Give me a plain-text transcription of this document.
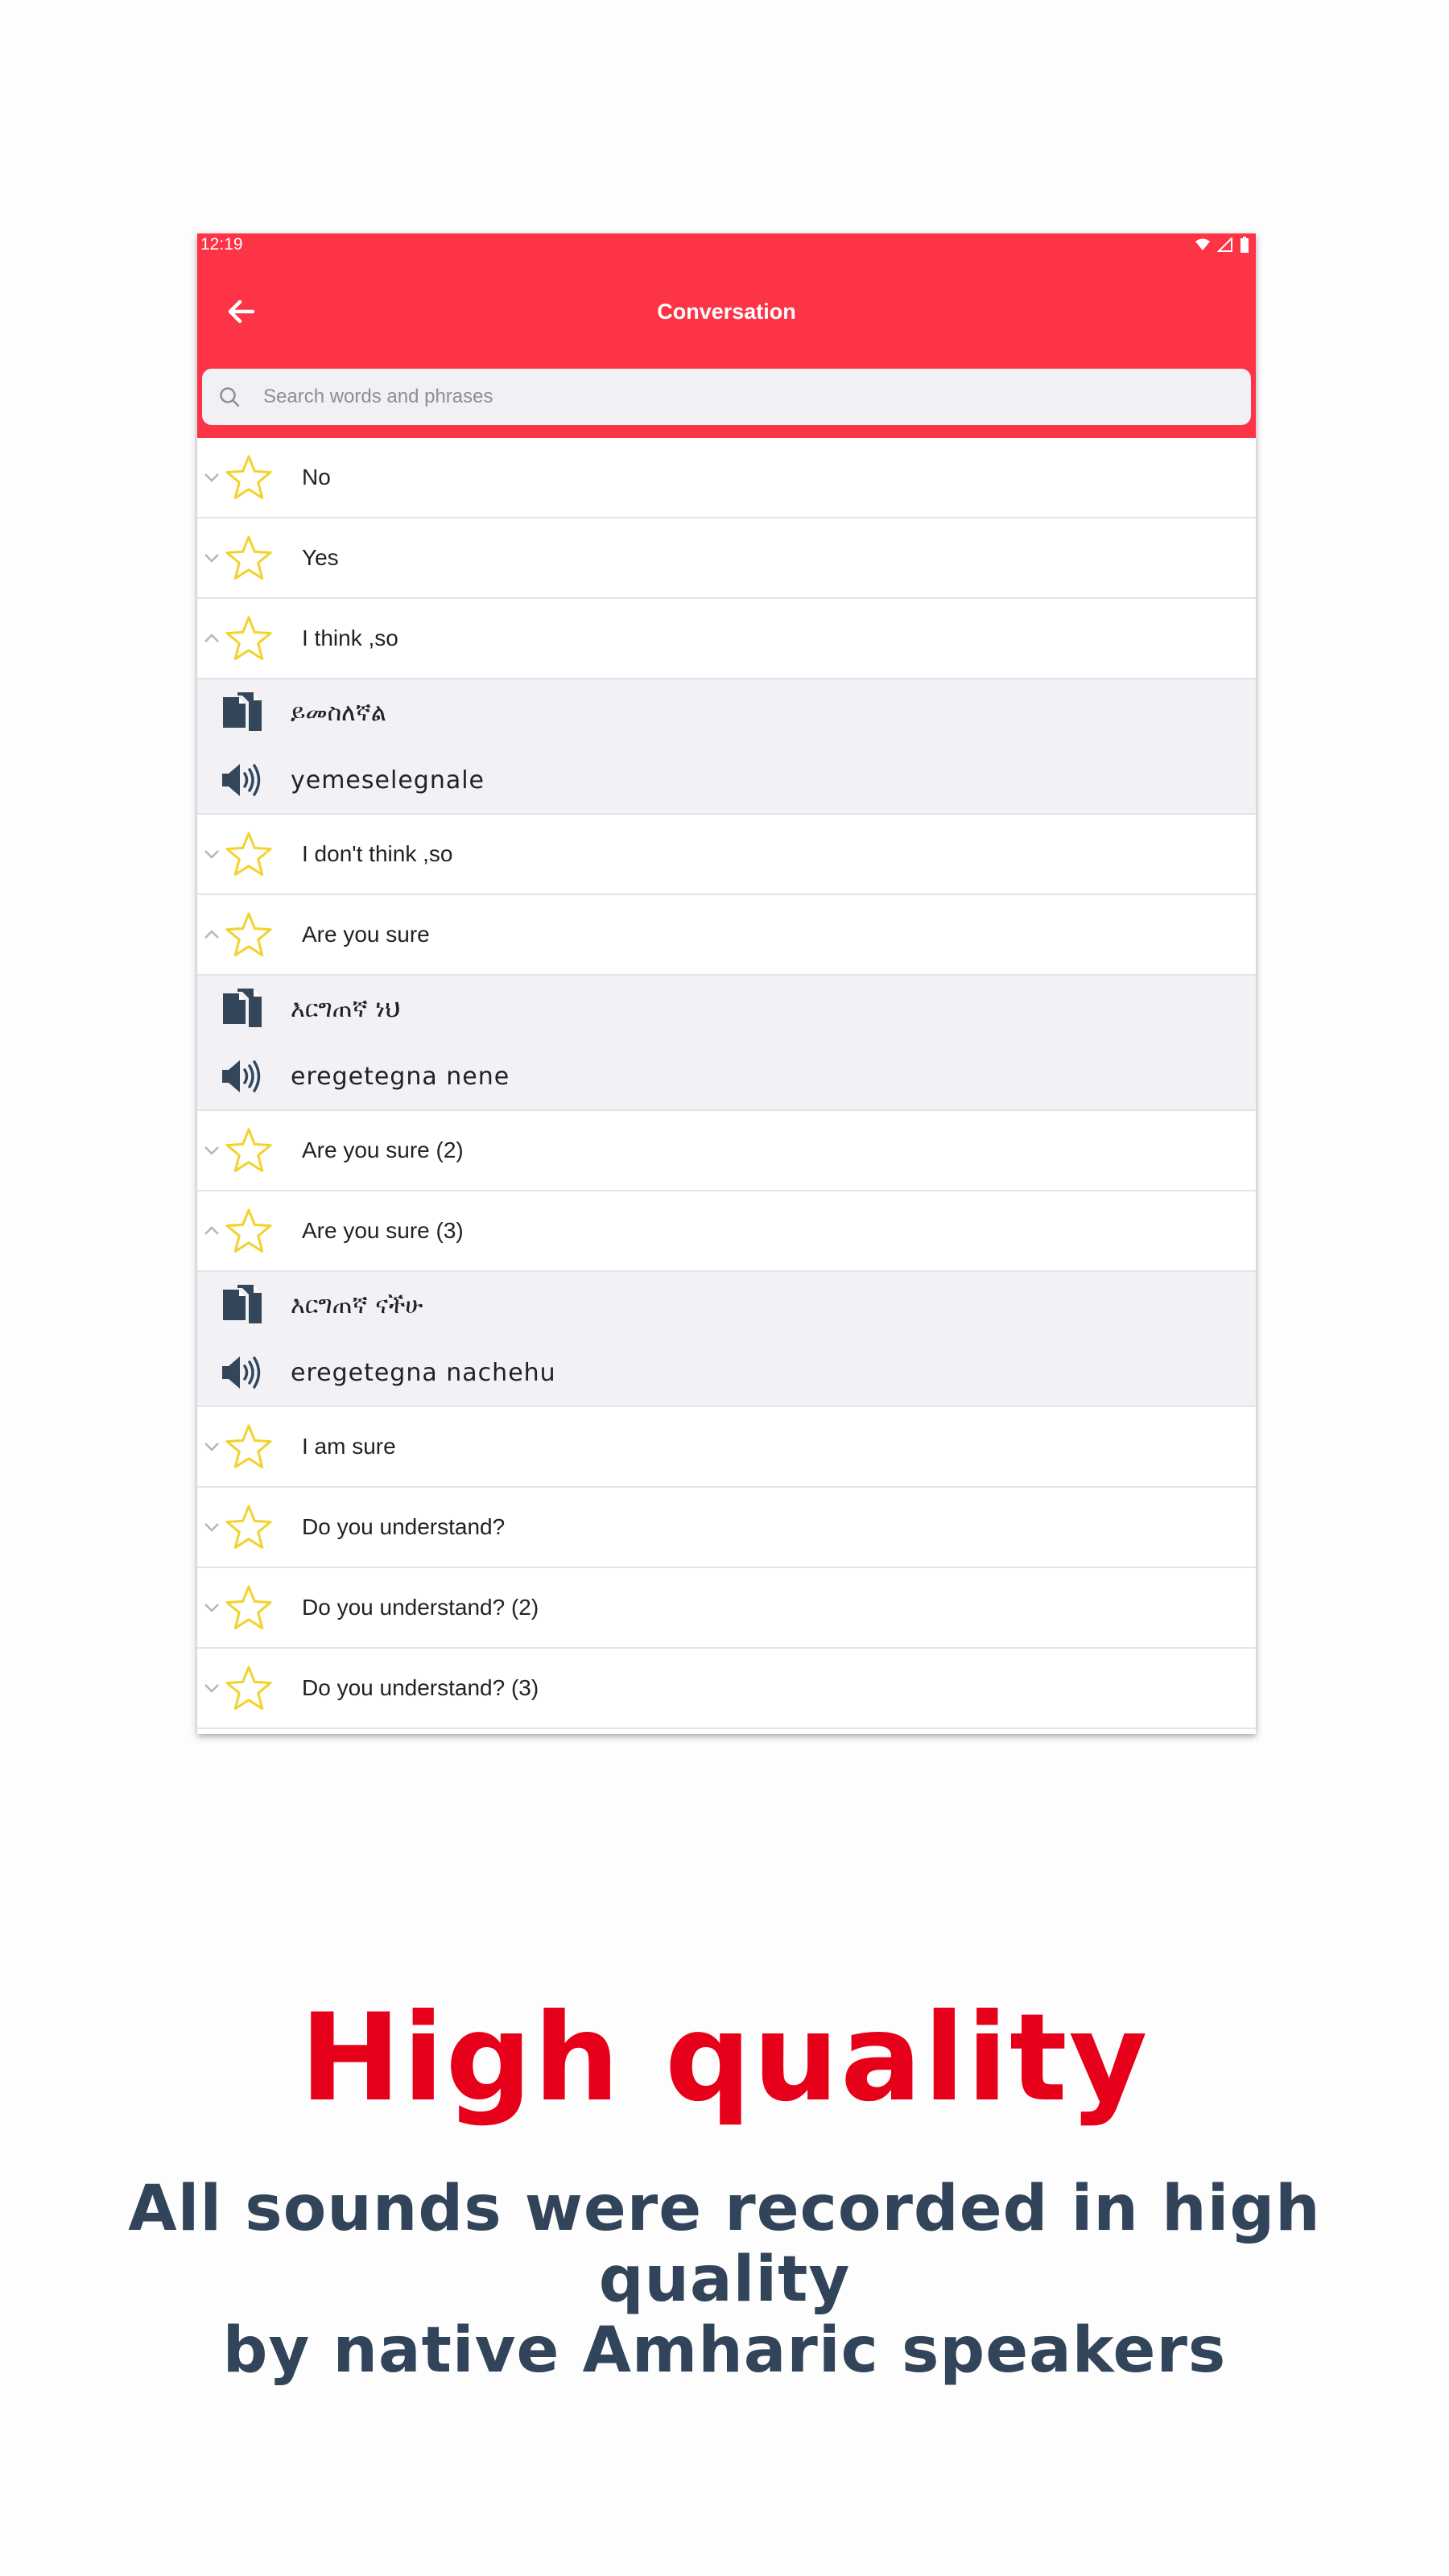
12:19
Conversation
Search words and phrases
No
Yes
I think ,so
ይመስለኛል
yemeselegnale
I don't think ,so
Are you sure
እርግጠኛ ነህ
eregetegna nene
Are you sure (2)
Are you sure (3)
እርግጠኛ ናችሁ
eregetegna nachehu
I am sure
Do you understand?
Do you understand? (2)
Do you understand? (3)
High quality
All sounds were recorded in high quality
by native Amharic speakers
